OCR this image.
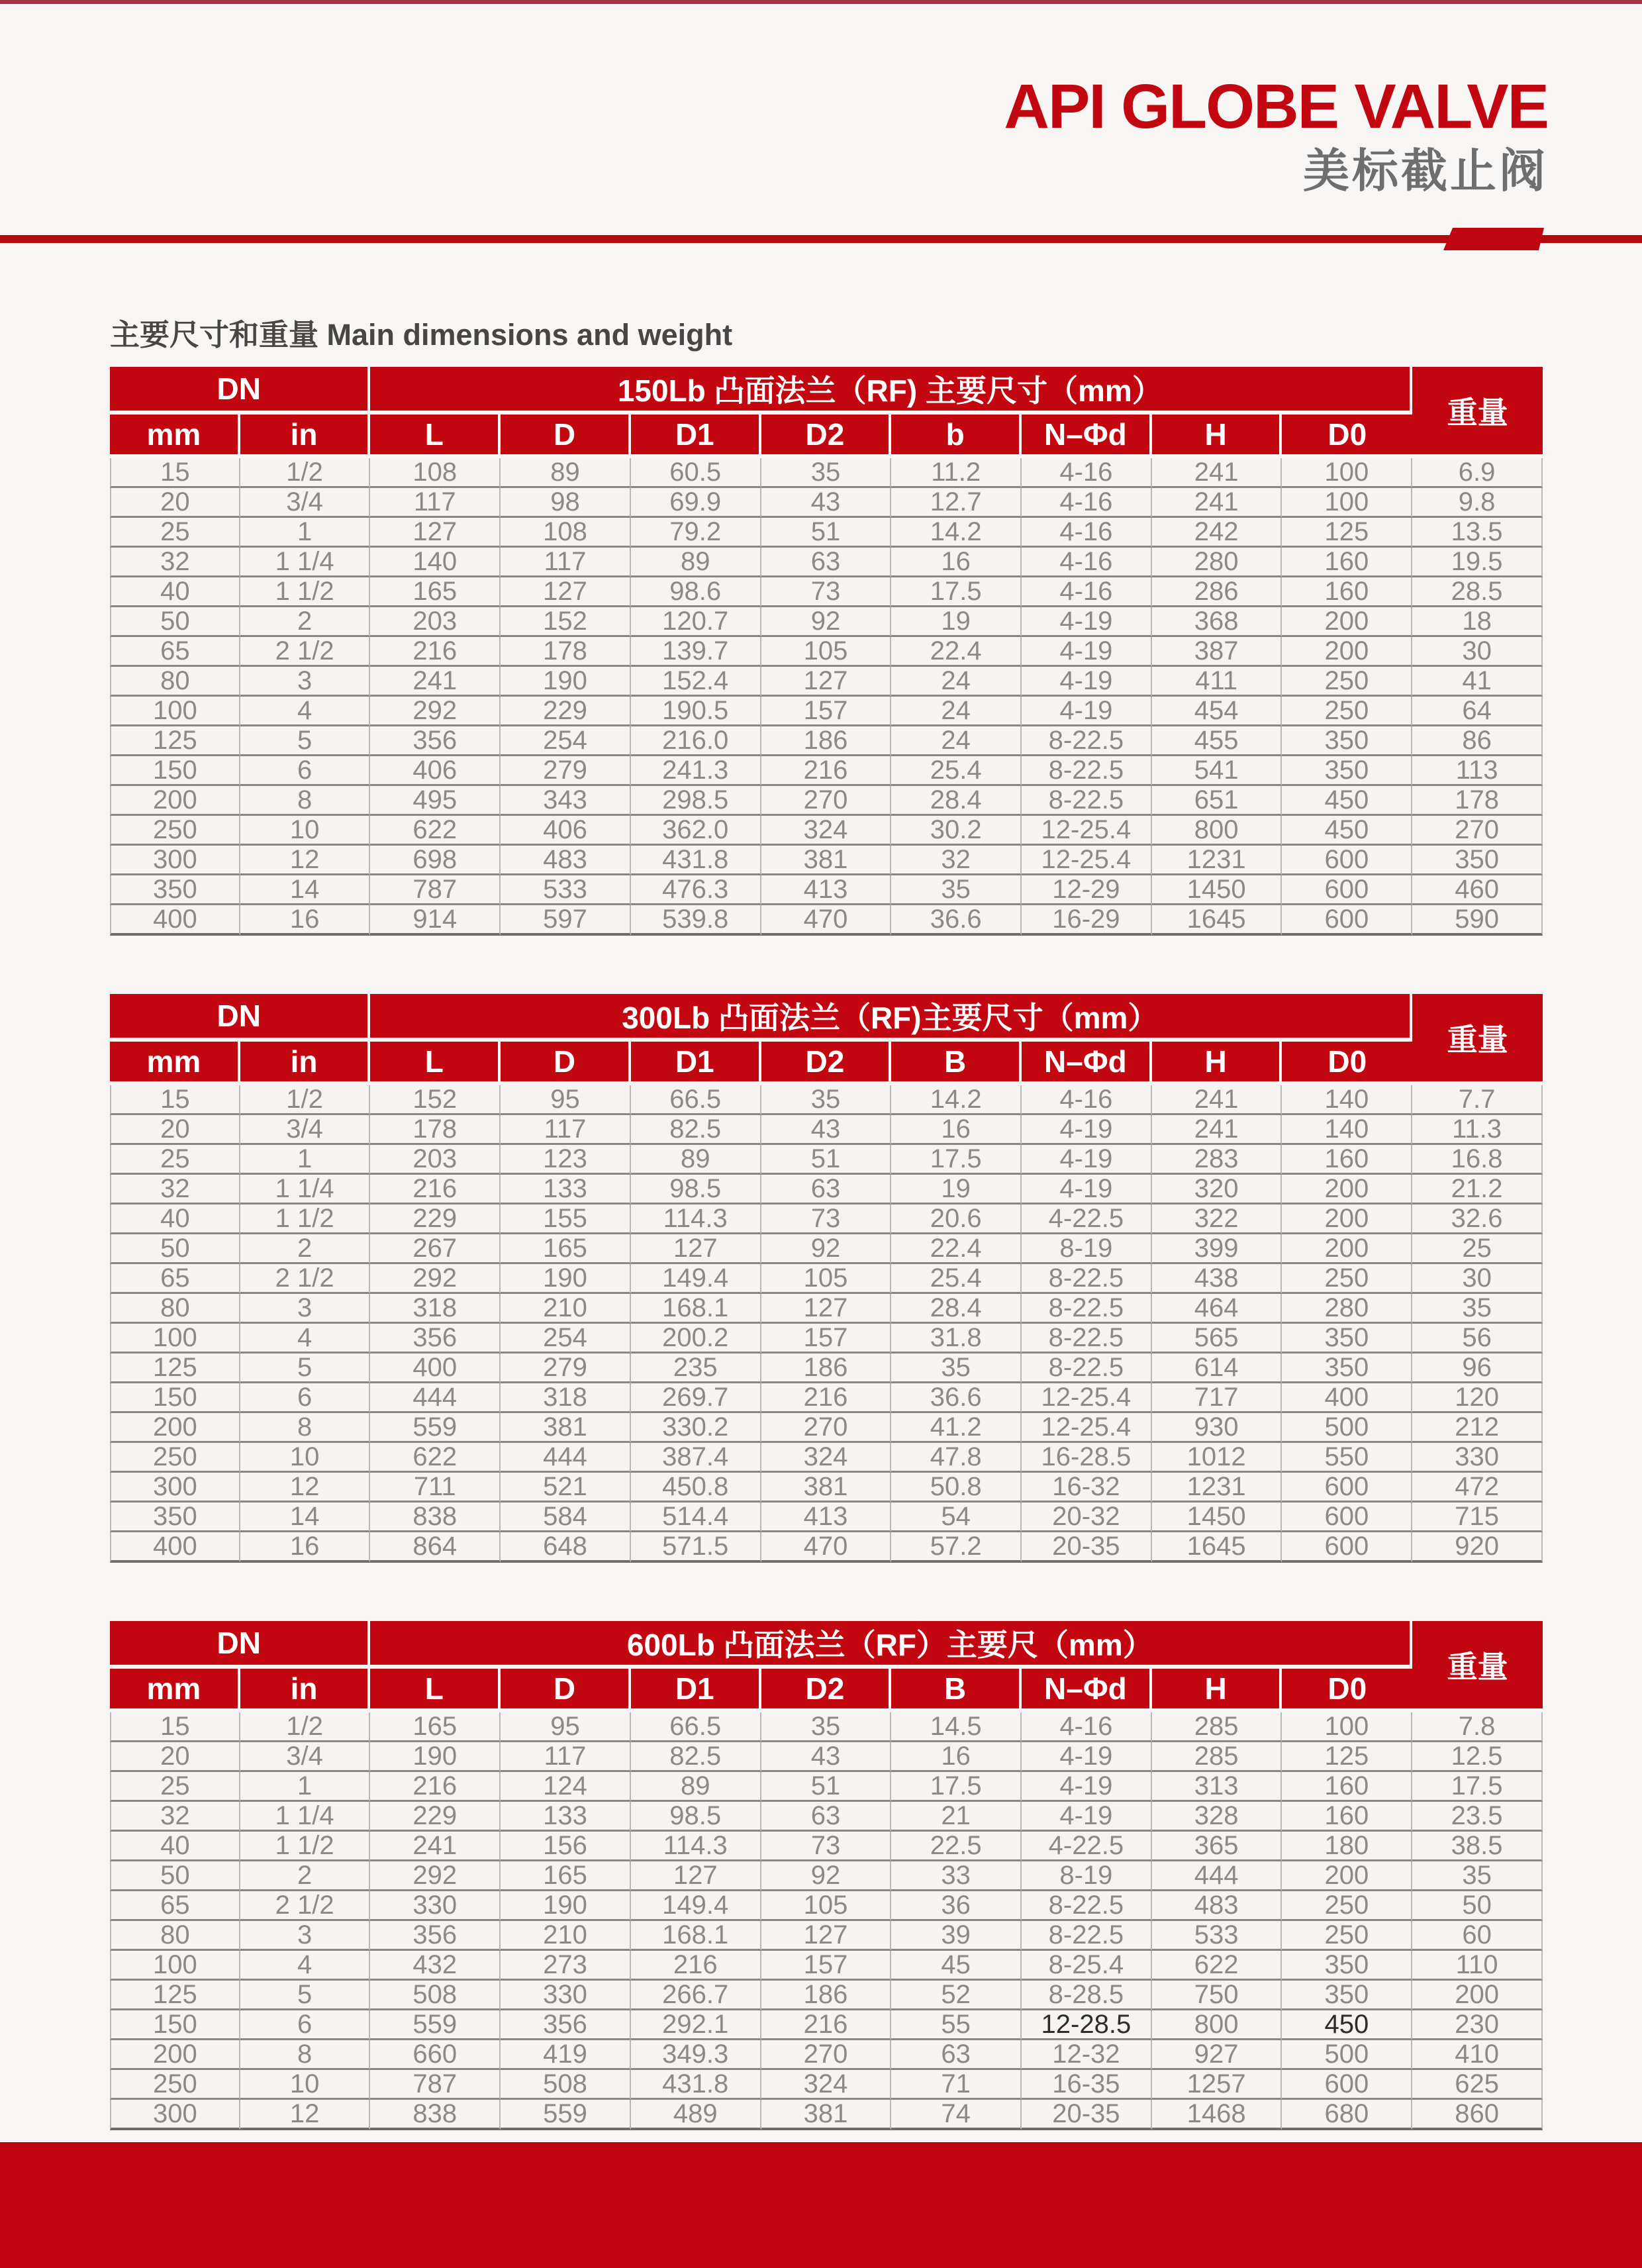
API GLOBE VALVE
美标截止阀
主要尺寸和重量 Main dimensions and weight
DN		150Lb 凸面法兰（RF) 主要尺寸（mm）								重量
mm	in	L	D	D1	D2	b	N–Φd	H	D0	
15	1/2	108	89	60.5	35	11.2	4-16	241	100	6.9
20	3/4	117	98	69.9	43	12.7	4-16	241	100	9.8
25	1	127	108	79.2	51	14.2	4-16	242	125	13.5
32	1 1/4	140	117	89	63	16	4-16	280	160	19.5
40	1 1/2	165	127	98.6	73	17.5	4-16	286	160	28.5
50	2	203	152	120.7	92	19	4-19	368	200	18
65	2 1/2	216	178	139.7	105	22.4	4-19	387	200	30
80	3	241	190	152.4	127	24	4-19	411	250	41
100	4	292	229	190.5	157	24	4-19	454	250	64
125	5	356	254	216.0	186	24	8-22.5	455	350	86
150	6	406	279	241.3	216	25.4	8-22.5	541	350	113
200	8	495	343	298.5	270	28.4	8-22.5	651	450	178
250	10	622	406	362.0	324	30.2	12-25.4	800	450	270
300	12	698	483	431.8	381	32	12-25.4	1231	600	350
350	14	787	533	476.3	413	35	12-29	1450	600	460
400	16	914	597	539.8	470	36.6	16-29	1645	600	590
DN		300Lb 凸面法兰（RF)主要尺寸（mm）								重量
mm	in	L	D	D1	D2	B	N–Φd	H	D0	
15	1/2	152	95	66.5	35	14.2	4-16	241	140	7.7
20	3/4	178	117	82.5	43	16	4-19	241	140	11.3
25	1	203	123	89	51	17.5	4-19	283	160	16.8
32	1 1/4	216	133	98.5	63	19	4-19	320	200	21.2
40	1 1/2	229	155	114.3	73	20.6	4-22.5	322	200	32.6
50	2	267	165	127	92	22.4	8-19	399	200	25
65	2 1/2	292	190	149.4	105	25.4	8-22.5	438	250	30
80	3	318	210	168.1	127	28.4	8-22.5	464	280	35
100	4	356	254	200.2	157	31.8	8-22.5	565	350	56
125	5	400	279	235	186	35	8-22.5	614	350	96
150	6	444	318	269.7	216	36.6	12-25.4	717	400	120
200	8	559	381	330.2	270	41.2	12-25.4	930	500	212
250	10	622	444	387.4	324	47.8	16-28.5	1012	550	330
300	12	711	521	450.8	381	50.8	16-32	1231	600	472
350	14	838	584	514.4	413	54	20-32	1450	600	715
400	16	864	648	571.5	470	57.2	20-35	1645	600	920
DN		600Lb 凸面法兰（RF）主要尺（mm）								重量
mm	in	L	D	D1	D2	B	N–Φd	H	D0	
15	1/2	165	95	66.5	35	14.5	4-16	285	100	7.8
20	3/4	190	117	82.5	43	16	4-19	285	125	12.5
25	1	216	124	89	51	17.5	4-19	313	160	17.5
32	1 1/4	229	133	98.5	63	21	4-19	328	160	23.5
40	1 1/2	241	156	114.3	73	22.5	4-22.5	365	180	38.5
50	2	292	165	127	92	33	8-19	444	200	35
65	2 1/2	330	190	149.4	105	36	8-22.5	483	250	50
80	3	356	210	168.1	127	39	8-22.5	533	250	60
100	4	432	273	216	157	45	8-25.4	622	350	110
125	5	508	330	266.7	186	52	8-28.5	750	350	200
150	6	559	356	292.1	216	55	12-28.5	800	450	230
200	8	660	419	349.3	270	63	12-32	927	500	410
250	10	787	508	431.8	324	71	16-35	1257	600	625
300	12	838	559	489	381	74	20-35	1468	680	860
